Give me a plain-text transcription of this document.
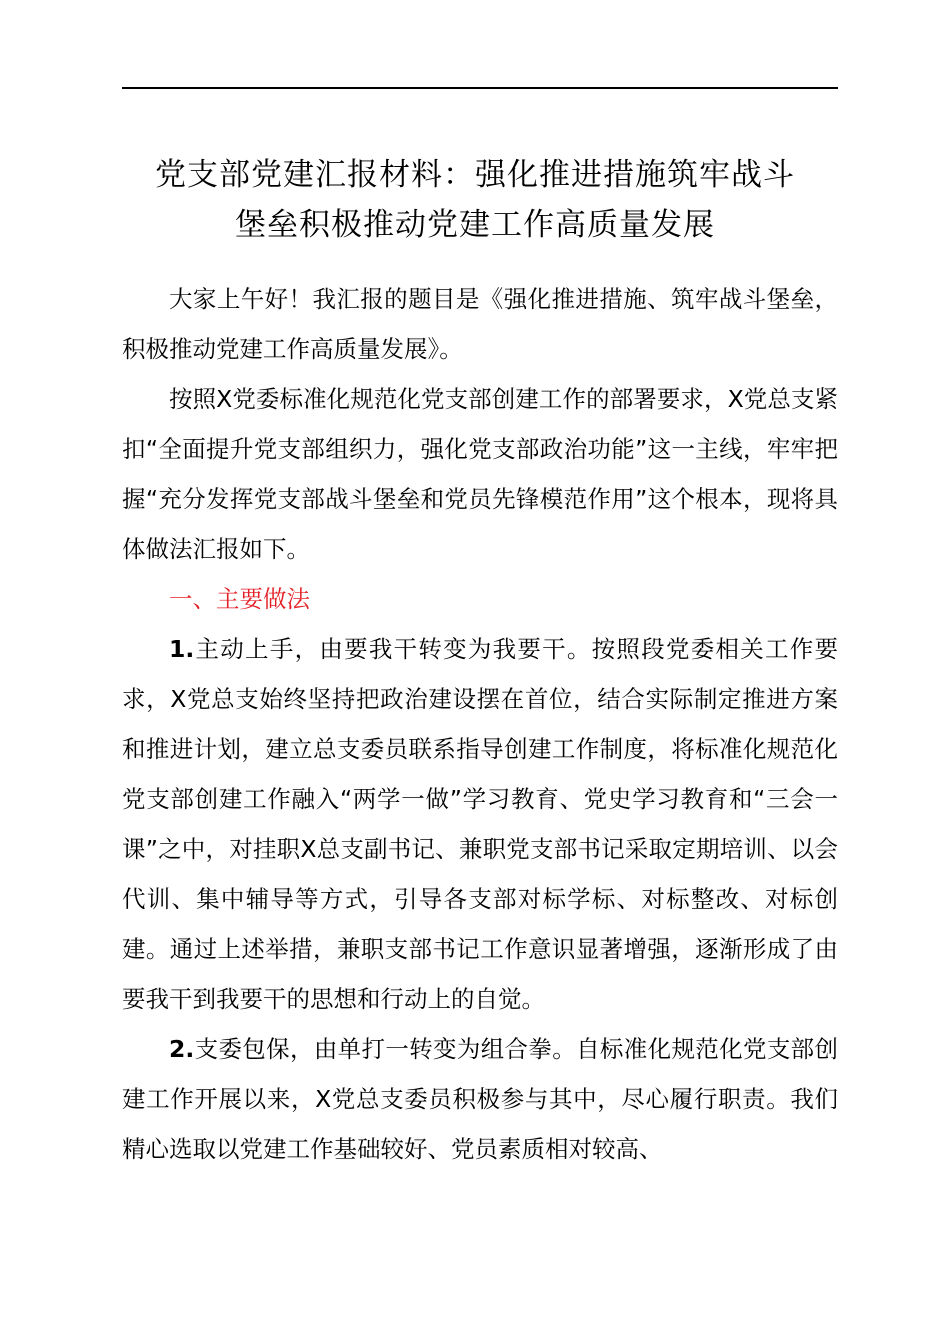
党支部党建汇报材料：强化推进措施筑牢战斗
堡垒积极推动党建工作高质量发展

大家上午好！我汇报的题目是《强化推进措施、筑牢战斗堡垒，积极推动党建工作高质量发展》。

按照X党委标准化规范化党支部创建工作的部署要求，X党总支紧扣“全面提升党支部组织力，强化党支部政治功能”这一主线，牢牢把握“充分发挥党支部战斗堡垒和党员先锋模范作用”这个根本，现将具体做法汇报如下。

一、主要做法

1.主动上手，由要我干转变为我要干。按照段党委相关工作要求，X党总支始终坚持把政治建设摆在首位，结合实际制定推进方案和推进计划，建立总支委员联系指导创建工作制度，将标准化规范化党支部创建工作融入“两学一做”学习教育、党史学习教育和“三会一课”之中，对挂职X总支副书记、兼职党支部书记采取定期培训、以会代训、集中辅导等方式，引导各支部对标学标、对标整改、对标创建。通过上述举措，兼职支部书记工作意识显著增强，逐渐形成了由要我干到我要干的思想和行动上的自觉。

2.支委包保，由单打一转变为组合拳。自标准化规范化党支部创建工作开展以来，X党总支委员积极参与其中，尽心履行职责。我们精心选取以党建工作基础较好、党员素质相对较高、
